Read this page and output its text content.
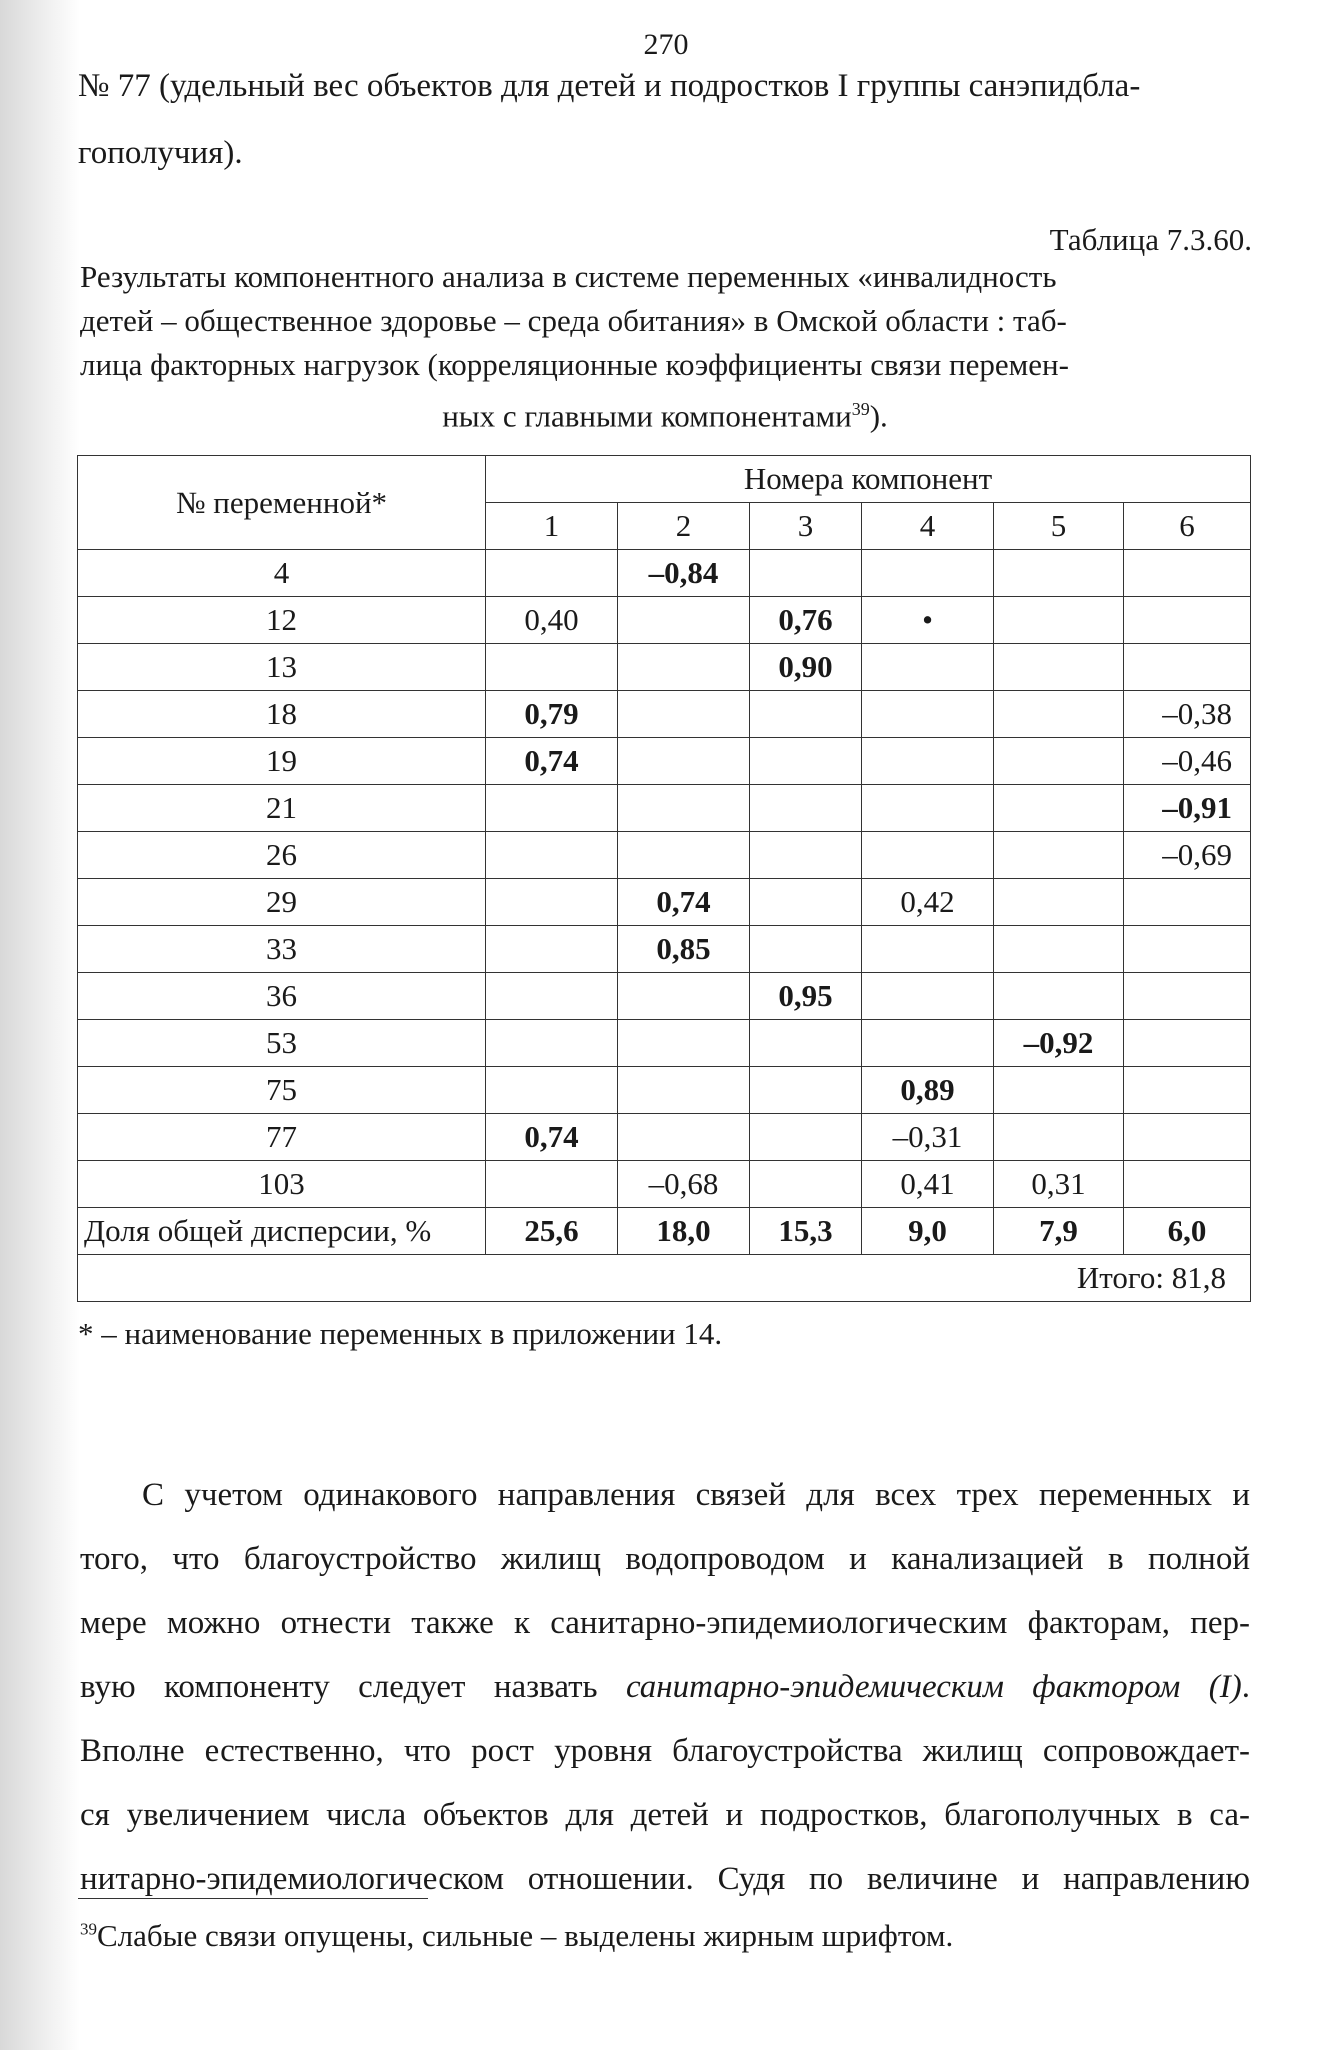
270
№ 77 (удельный вес объектов для детей и подростков I группы санэпидбла-
гополучия).
Таблица 7.3.60.
Результаты компонентного анализа в системе переменных «инвалидность
детей – общественное здоровье – среда обитания» в Омской области : таб-
лица факторных нагрузок (корреляционные коэффициенты связи перемен-
ных с главными компонентами$^{39}$).
№ переменной*	Номера компонент					
	1	2	3	4	5	6
4		–0,84				
12	0,40		0,76	•		
13			0,90			
18	0,79					–0,38
19	0,74					–0,46
21						–0,91
26						–0,69
29		0,74		0,42		
33		0,85				
36			0,95			
53					–0,92	
75				0,89		
77	0,74			–0,31		
103		–0,68		0,41	0,31	
Доля общей дисперсии, %	25,6	18,0	15,3	9,0	7,9	6,0
Итого: 81,8						
* – наименование переменных в приложении 14.
С учетом одинакового направления связей для всех трех переменных и
того, что благоустройство жилищ водопроводом и канализацией в полной
мере можно отнести также к санитарно-эпидемиологическим факторам, пер-
вую компоненту следует назвать санитарно-эпидемическим фактором (I).
Вполне естественно, что рост уровня благоустройства жилищ сопровождает-
ся увеличением числа объектов для детей и подростков, благополучных в са-
нитарно-эпидемиологическом отношении. Судя по величине и направлению
$^{39}$Слабые связи опущены, сильные – выделены жирным шрифтом.
